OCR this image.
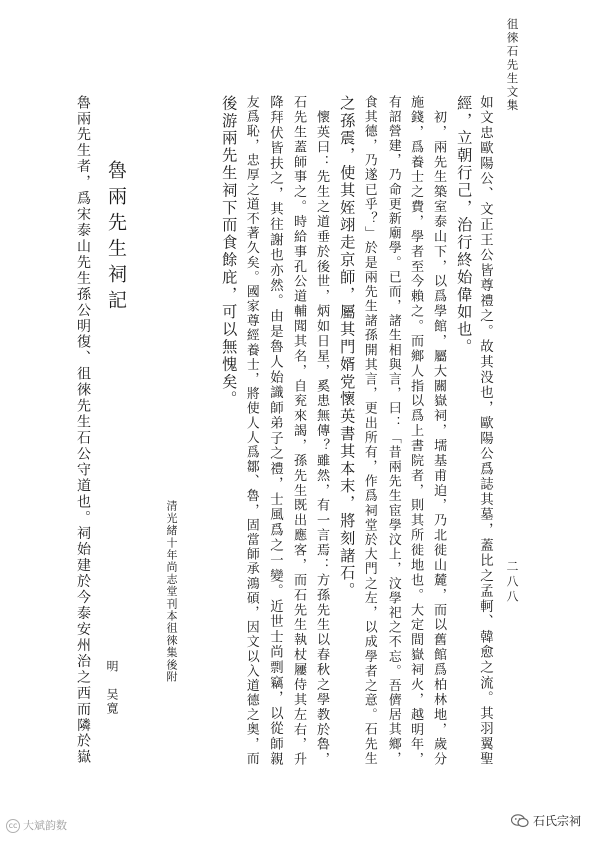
徂徠石先生文集
二八八
如文忠歐陽公、文正王公皆尊禮之。故其没也，歐陽公爲誌其墓，蓋比之孟軻、韓愈之流。其羽翼聖
經，立朝行己，治行終始偉如也。
　初，兩先生築室泰山下，以爲學館，屬大關嶽祠，壖基甫迫，乃北徙山麓，而以舊館爲柏林地，歲分
施錢，爲養士之費，學者至今賴之。而鄉人指以爲上書院者，則其所徙地也。大定間嶽祠火，越明年，
有詔營建，乃命更新廟學。已而，諸生相與言，曰：「昔兩先生宦學汶上，汶學祀之不忘。吾儕居其鄉，
食其德，乃遂已乎？」於是兩先生諸孫開其言，更出所有，作爲祠堂於大門之左，以成學者之意。石先生
之孫震，使其姪翊走京師，屬其門婿党懷英書其本末，將刻諸石。
　懷英曰：先生之道垂於後世，炳如日星，奚患無傳？雖然，有一言焉：方孫先生以春秋之學教於魯，
石先生蓋師事之。時給事孔公道輔聞其名，自兖來謁，孫先生既出應客，而石先生執杖屨侍其左右，升
降拜伏皆扶之，其往謝也亦然。由是魯人始識師弟子之禮，士風爲之一變。近世士尚剽竊，以從師親
友爲恥，忠厚之道不著久矣。國家尊經養士，將使人人爲鄒、魯，固當師承鴻碩，因文以入道德之奥，而
後游兩先生祠下而食餘庇，可以無愧矣。
清光緒十年尚志堂刊本徂徠集後附
魯兩先生祠記
明　吴寛
魯兩先生者，爲宋泰山先生孫公明復、徂徠先生石公守道也。祠始建於今泰安州治之西而隣於嶽
cc 大斌韵数	石氏宗祠
